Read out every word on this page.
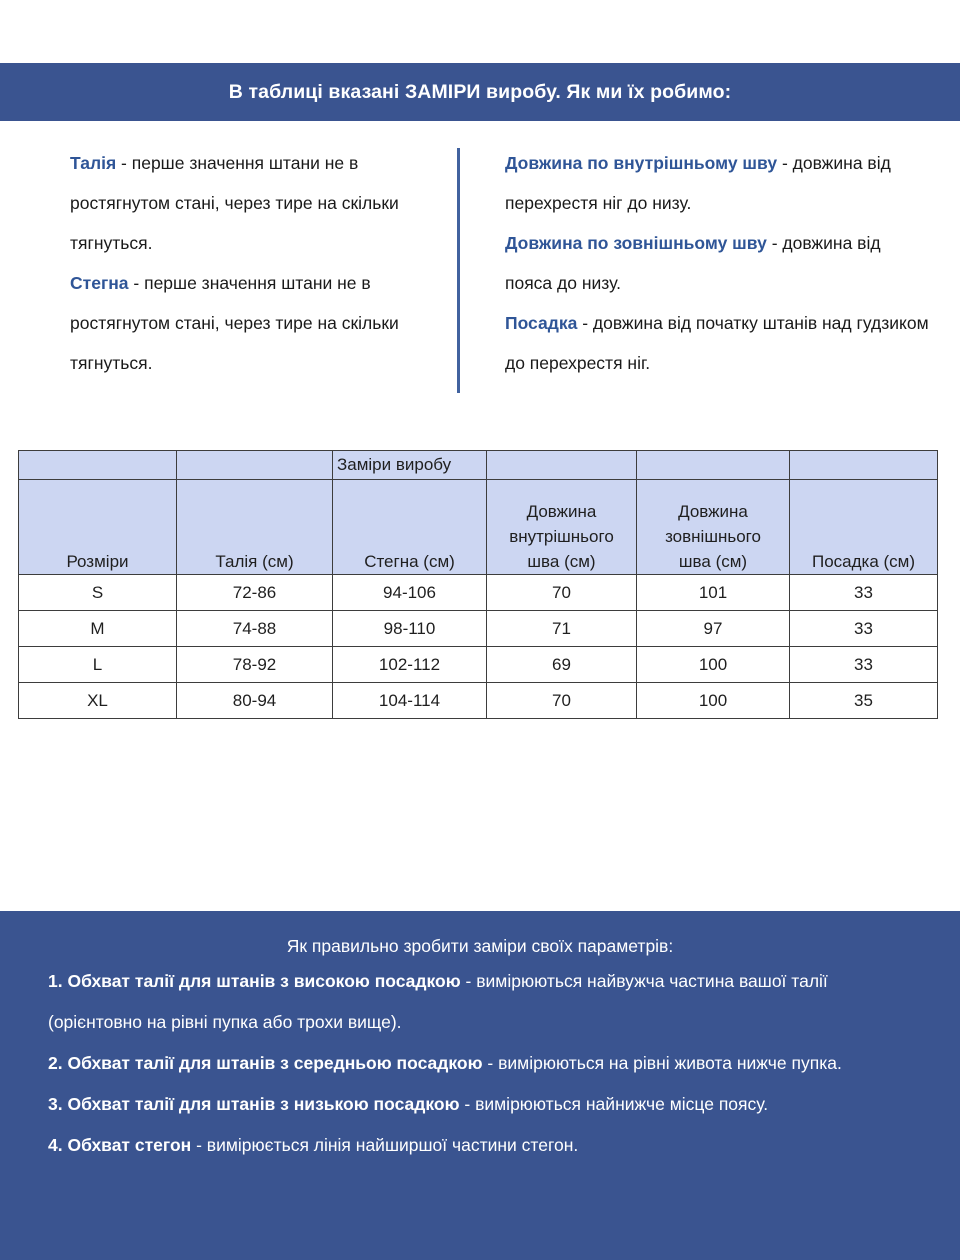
В таблиці вказані ЗАМІРИ виробу. Як ми їх робимо:

Талія - перше значення штани не в ростягнутом стані, через тире на скільки тягнуться.

Стегна - перше значення штани не в ростягнутом стані, через тире на скільки тягнуться.

Довжина по внутрішньому шву - довжина від перехрестя ніг до низу.

Довжина по зовнішньому шву - довжина від пояса до низу.

Посадка - довжина від початку штанів над гудзиком до перехрестя ніг.

		Заміри виробу			
Розміри	Талія (см)	Стегна (см)	Довжина
внутрішнього
шва (см)	Довжина
зовнішнього
шва (см)	Посадка (см)
S	72-86	94-106	70	101	33
M	74-88	98-110	71	97	33
L	78-92	102-112	69	100	33
XL	80-94	104-114	70	100	35
Як правильно зробити заміри своїх параметрів:

1. Обхват талії для штанів з високою посадкою - вимірюються найвужча частина вашої талії (орієнтовно на рівні пупка або трохи вище).

2. Обхват талії для штанів з середньою посадкою - вимірюються на рівні живота нижче пупка.

3. Обхват талії для штанів з низькою посадкою - вимірюються найнижче місце поясу.

4. Обхват стегон - вимірюється лінія найширшої частини стегон.
